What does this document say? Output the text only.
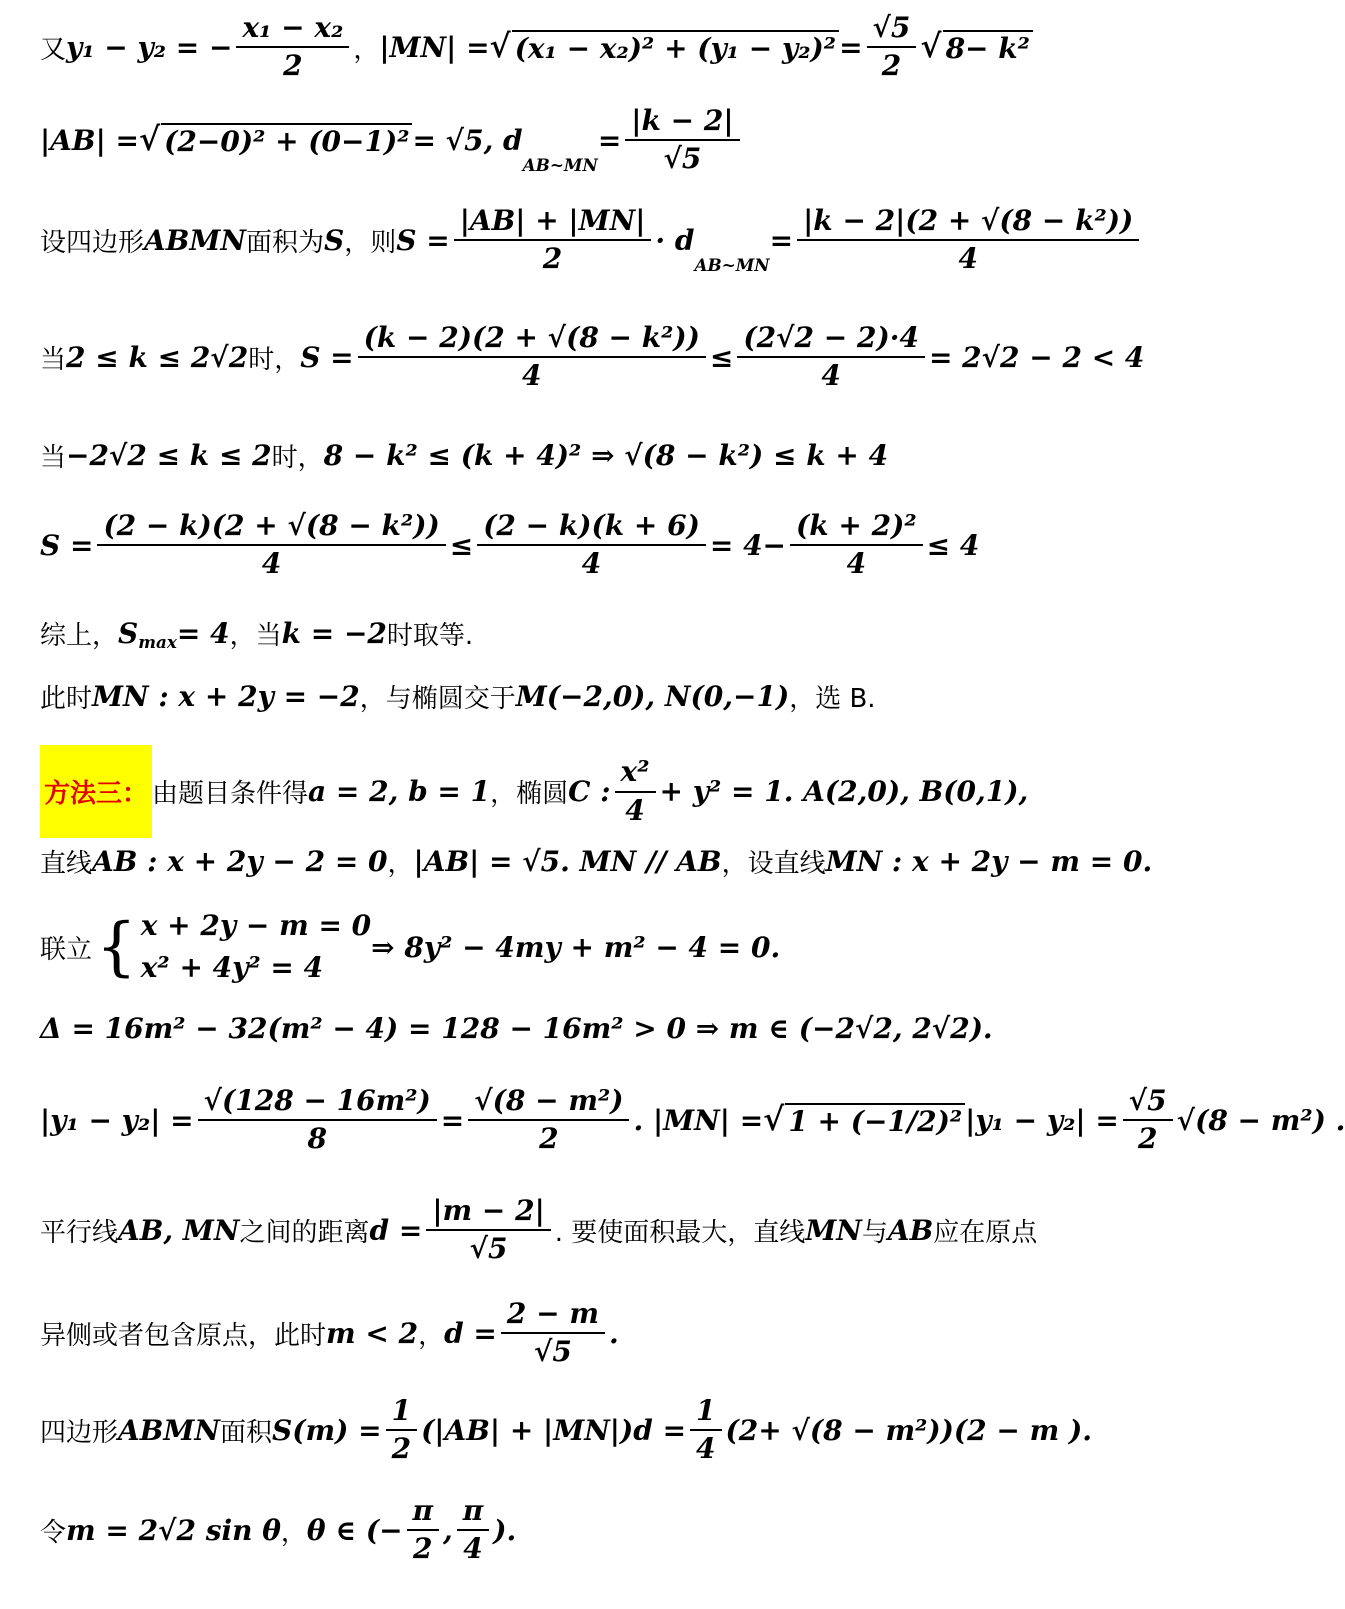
又 y₁ − y₂ = − $\frac{\text{x₁ − x₂}}{2}$ ， |MN| = √ $(x_1 - x_2)^2 + (y_1 - y_2)^2 = \frac{√5}{2}$ √ 8− k²
|AB| = √ (2−0)² + (0−1)² = √5, d
$_{AB\sim MN}$
= $\frac{|k - 2|}{√5}$
设四边形 ABMN 面积为 S ，则 $S = \frac{|AB| + |MN|}{2} \cdot d$
$_{AB\sim MN}$
= $\frac{\text{|k − 2|(2 + √(8 − k²))}}{4}$
当 2 ≤ k ≤ 2√2 时， $S = \frac{\text{(k − 2)(2 + √(8 − k²))}}{4} \le \frac{(2√2 - 2)\cdot 4}{4} = 2√2 - 2 < 4$
当 −2√2 ≤ k ≤ 2 时， 8 − k² ≤ (k + 4)² ⇒ √(8 − k²) ≤ k + 4
$S = \frac{\text{(2 − k)(2 + √(8 − k²))}}{4} \le \frac{(2 - k)(k + 6)}{4} = 4- \frac{\text{(k + 2)²}}{4} \le 4$
综上， $S_{max} = 4$ ，当 k = −2 时取等.
此时 MN : x + 2y = −2 ，与椭圆交于 M(−2,0), N(0,−1) ，选 B.
方法三： 由题目条件得 a = 2, b = 1 ，椭圆 C : $\frac{\text{x²}}{4} + y^2 = 1$ . A(2,0), B(0,1),
直线 AB : x + 2y − 2 = 0 ， |AB| = √5. MN // AB ，设直线 MN : x + 2y − m = 0.
联立 { x + 2y − m = 0
x² + 4y² = 4
⇒ 8y² − 4my + m² − 4 = 0.
Δ = 16m² − 32(m² − 4) = 128 − 16m² > 0 ⇒ m ∈ (−2√2, 2√2).
$|y_1 - y_2| = \frac{\text{√(128 − 16m²)}}{8} = \frac{\text{√(8 − m²)}}{2}$ . |MN| = √ 1 + (−1/2)² $|y_1 - y_2| = \frac{√5}{2} √(8 - m^2)$ .
平行线 AB, MN 之间的距离 $d = \frac{|m - 2|}{√5}$ . 要使面积最大，直线 MN 与 AB 应在原点
异侧或者包含原点，此时 m < 2 ， $d = \frac{2 - m}{√5}$ .
四边形 ABMN 面积 $S(m) = \frac{1}{2} (|AB| + |MN|)d = \frac{1}{4} (2+ √(8 - m^2))(2 - m$ ).
令 m = 2√2 sin θ ， θ ∈ (− $\frac{\pi}{2}$ , $\frac{\pi}{4}$ ).
